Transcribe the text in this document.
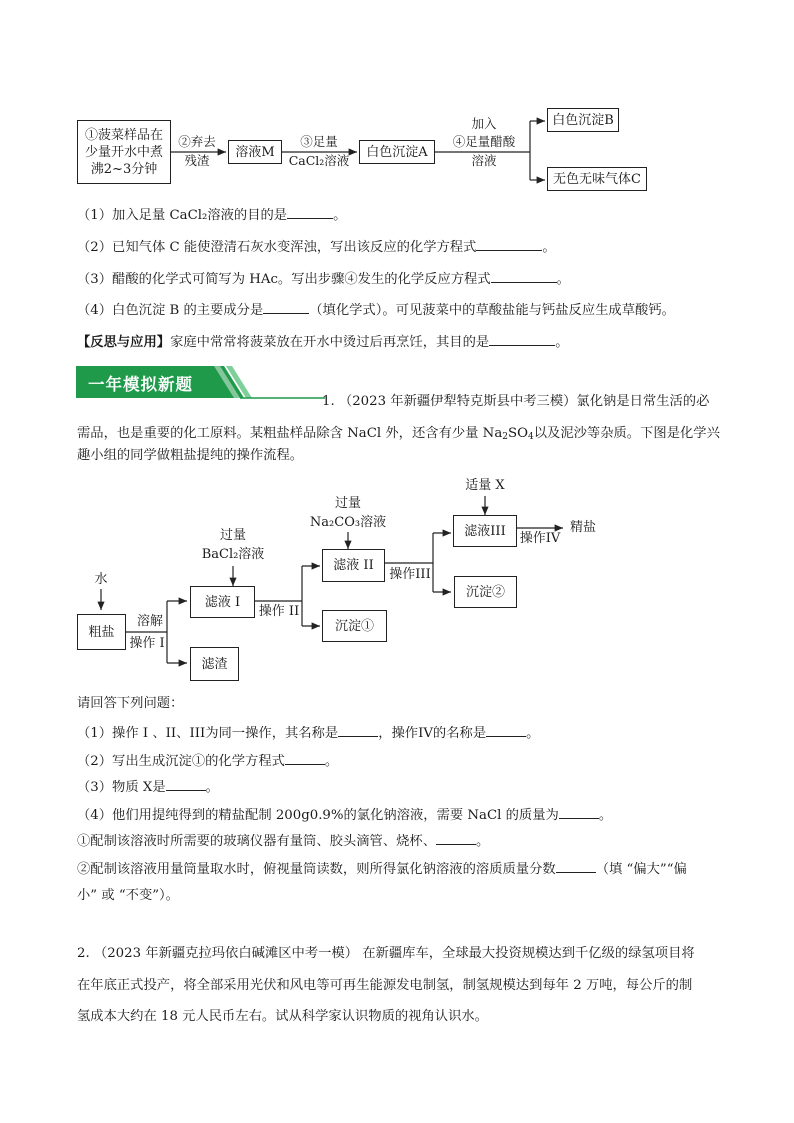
①菠菜样品在
少量开水中煮
沸2~3分钟
②弃去
残渣
溶液M
③足量
CaCl₂溶液
白色沉淀A
加入
④足量醋酸
溶液
白色沉淀B
无色无味气体C
（1）加入足量 CaCl₂溶液的目的是	。
（2）已知气体 C 能使澄清石灰水变浑浊，写出该反应的化学方程式	。
（3）醋酸的化学式可简写为 HAc。写出步骤④发生的化学反应方程式	。
（4）白色沉淀 B 的主要成分是	（填化学式）。可见菠菜中的草酸盐能与钙盐反应生成草酸钙。
【反思与应用】家庭中常常将菠菜放在开水中烫过后再烹饪，其目的是	。
一年模拟新题
1. （2023 年新疆伊犁特克斯县中考三模）氯化钠是日常生活的必
需品，也是重要的化工原料。某粗盐样品除含 NaCl 外，还含有少量 $Na_2SO_4$以及泥沙等杂质。下图是化学兴
趣小组的同学做粗盐提纯的操作流程。
水
粗盐
溶解
操作 I
过量
BaCl₂溶液
滤液 I
滤渣
操作 II
过量
Na₂CO₃溶液
滤液 II
沉淀①
操作III
适量 X
滤液III	操作IV
精盐
沉淀②
请回答下列问题：
（1）操作 I 、II、III为同一操作，其名称是	，操作IV的名称是	。
（2）写出生成沉淀①的化学方程式	。
（3）物质 X是	。
（4）他们用提纯得到的精盐配制 200g0.9%的氯化钠溶液，需要 NaCl 的质量为	。
①配制该溶液时所需要的玻璃仪器有量筒、胶头滴管、烧杯、	。
②配制该溶液用量筒量取水时，俯视量筒读数，则所得氯化钠溶液的溶质质量分数	（填 “偏大”“偏
小” 或 “不变”）。
2. （2023 年新疆克拉玛依白碱滩区中考一模） 在新疆库车，全球最大投资规模达到千亿级的绿氢项目将
在年底正式投产，将全部采用光伏和风电等可再生能源发电制氢，制氢规模达到每年 2 万吨，每公斤的制
氢成本大约在 18 元人民币左右。试从科学家认识物质的视角认识水。
